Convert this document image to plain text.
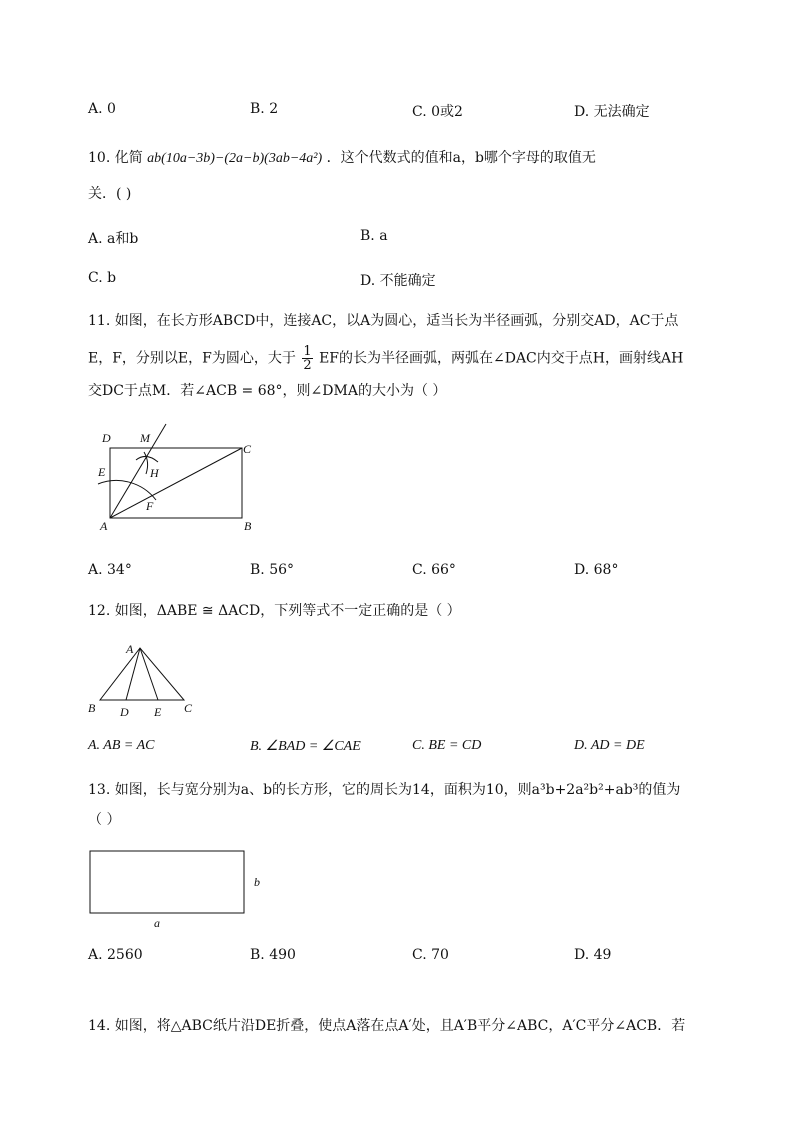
A. 0	B. 2	C. 0或2	D. 无法确定
10. 化简 ab(10a−3b)−(2a−b)(3ab−4a²) ．这个代数式的值和a，b哪个字母的取值无
关．( )
A. a和b	B. a
C. b	D. 不能确定
11. 如图，在长方形ABCD中，连接AC，以A为圆心，适当长为半径画弧，分别交AD，AC于点
E，F，分别以E，F为圆心，大于 $\frac{1}{2}$ EF的长为半径画弧，两弧在∠DAC内交于点H，画射线AH
交DC于点M．若∠ACB = 68°，则∠DMA的大小为（ ）
D M
C
E	H
F
A	B
A. 34°	B. 56°	C. 66°	D. 68°
12. 如图，ΔABE ≅ ΔACD，下列等式不一定正确的是（ ）
A
B D E C
A. AB = AC	B. ∠BAD = ∠CAE	C. BE = CD	D. AD = DE
13. 如图，长与宽分别为a、b的长方形，它的周长为14，面积为10，则a³b+2a²b²+ab³的值为
（ ）
b
a
A. 2560	B. 490	C. 70	D. 49
14. 如图，将△ABC纸片沿DE折叠，使点A落在点A′处，且A′B平分∠ABC，A′C平分∠ACB．若
